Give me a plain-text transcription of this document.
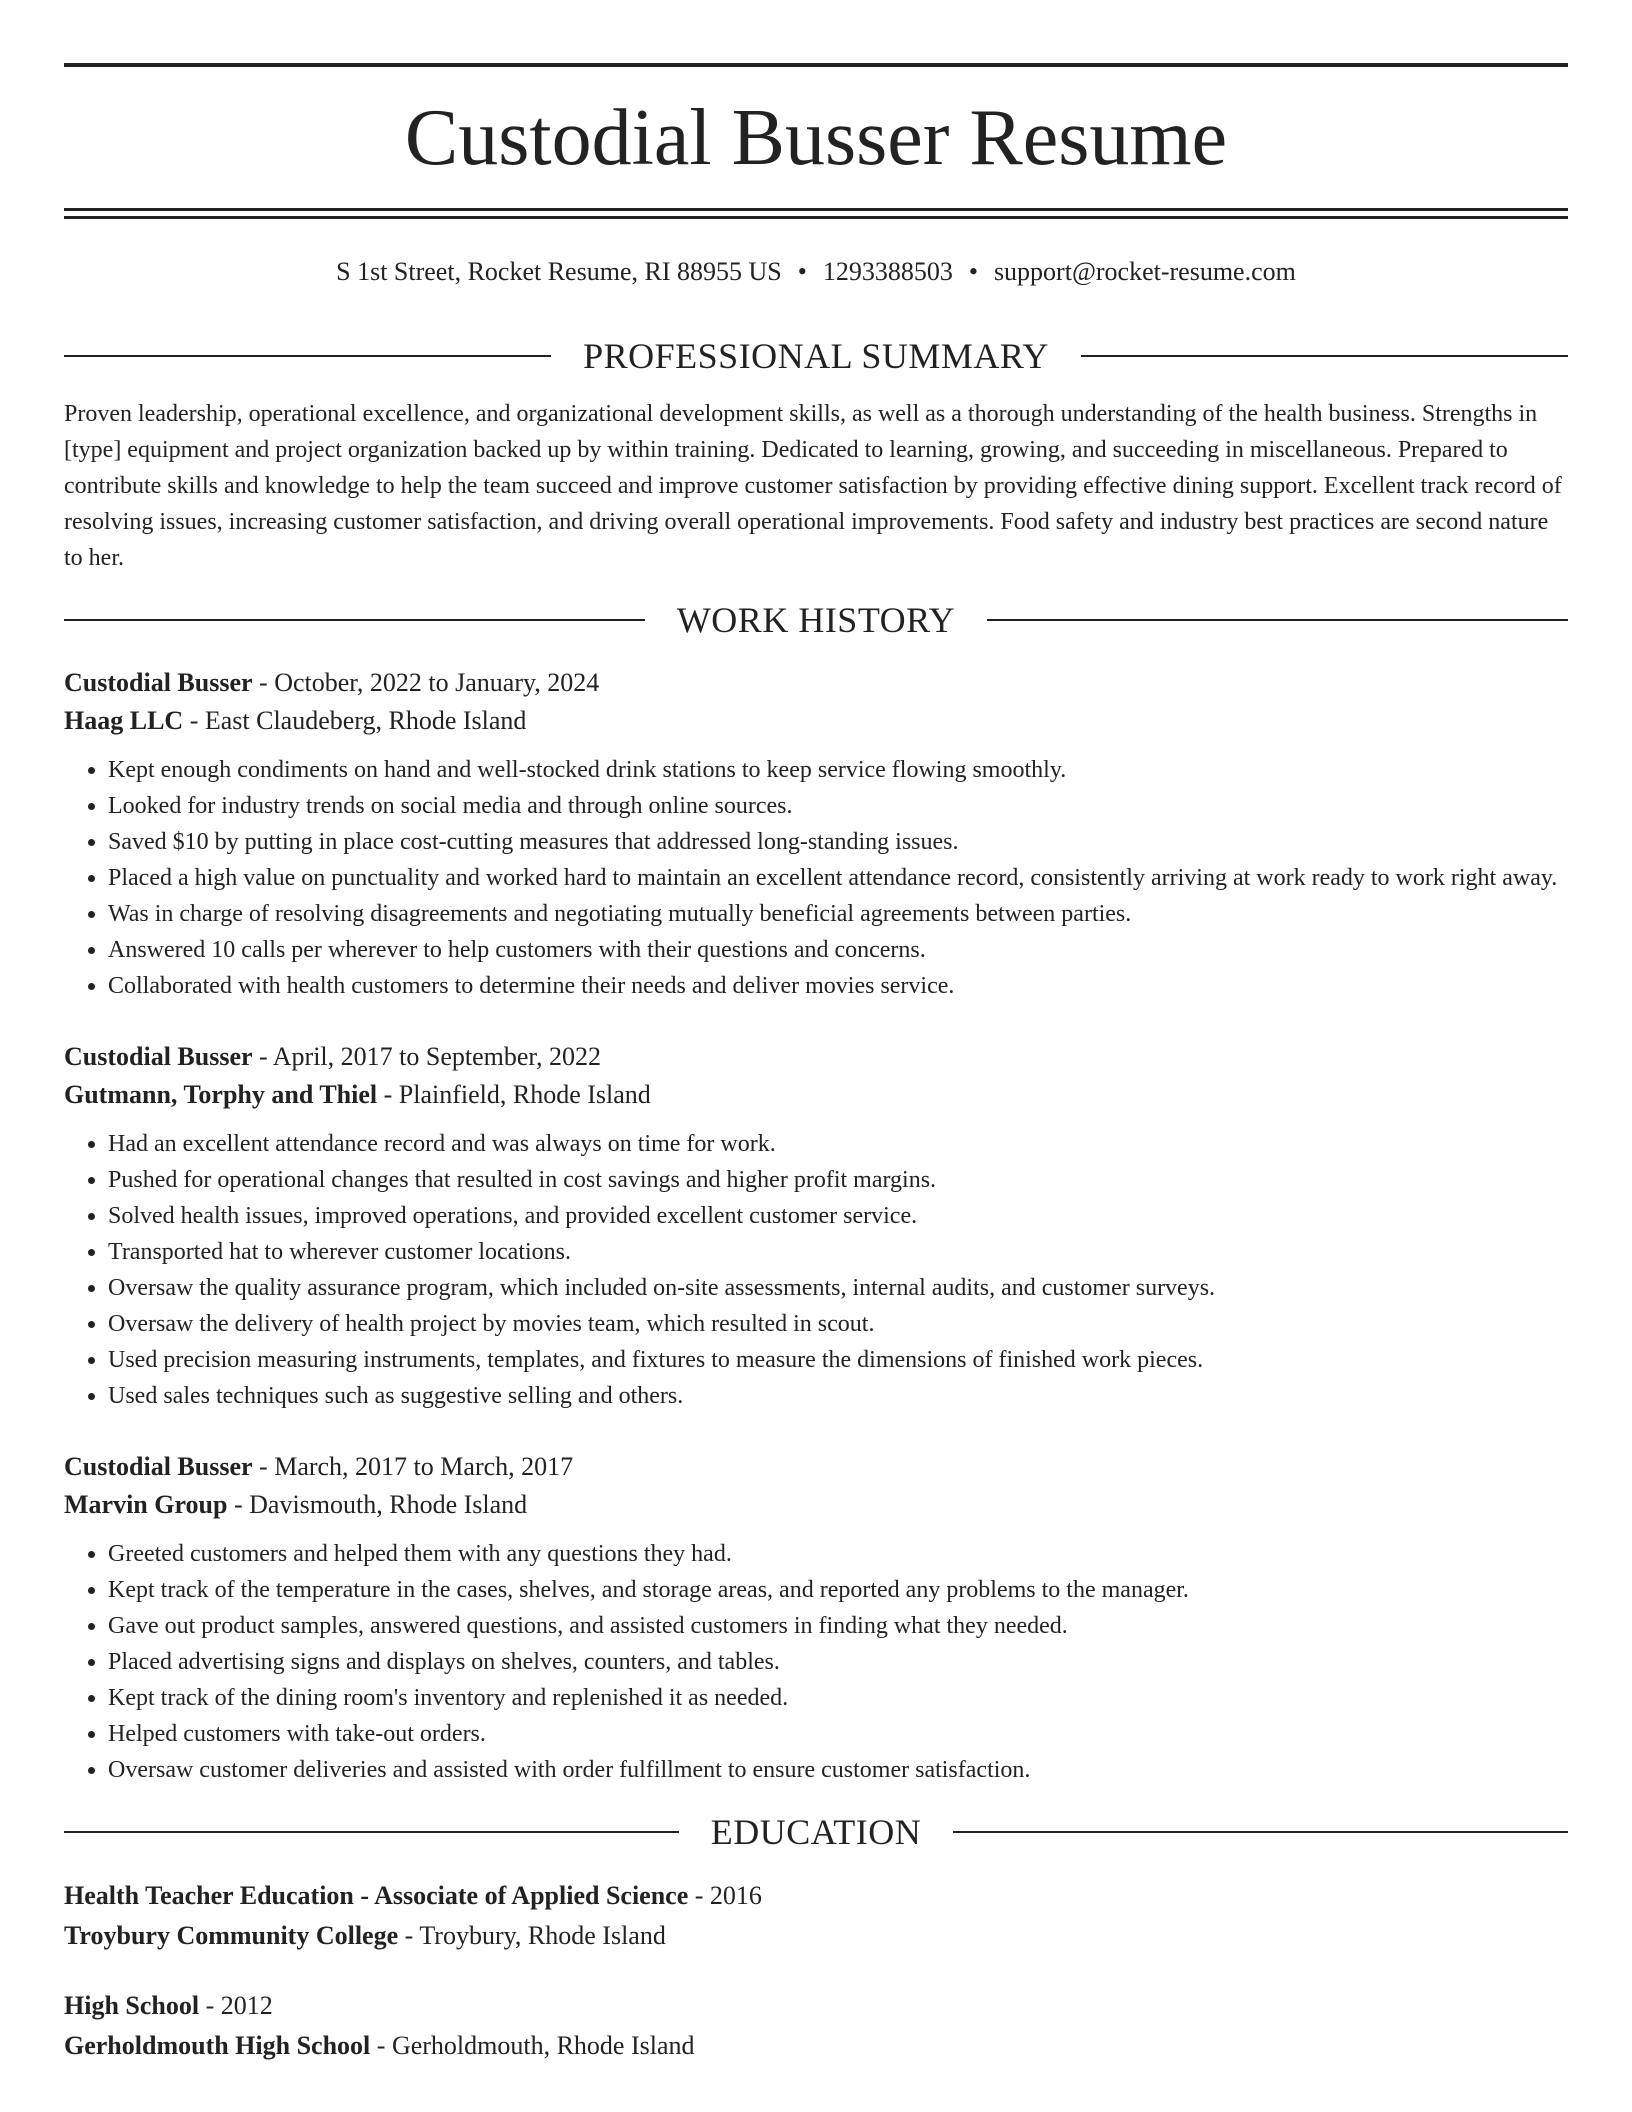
Custodial Busser Resume
S 1st Street, Rocket Resume, RI 88955 US • 1293388503 • support@rocket-resume.com
PROFESSIONAL SUMMARY

Proven leadership, operational excellence, and organizational development skills, as well as a thorough understanding of the health business. Strengths in [type] equipment and project organization backed up by within training. Dedicated to learning, growing, and succeeding in miscellaneous. Prepared to contribute skills and knowledge to help the team succeed and improve customer satisfaction by providing effective dining support. Excellent track record of resolving issues, increasing customer satisfaction, and driving overall operational improvements. Food safety and industry best practices are second nature to her.

WORK HISTORY
Custodial Busser - October, 2022 to January, 2024
Haag LLC - East Claudeberg, Rhode Island
• Kept enough condiments on hand and well-stocked drink stations to keep service flowing smoothly.
• Looked for industry trends on social media and through online sources.
• Saved $10 by putting in place cost-cutting measures that addressed long-standing issues.
• Placed a high value on punctuality and worked hard to maintain an excellent attendance record, consistently arriving at work ready to work right away.
• Was in charge of resolving disagreements and negotiating mutually beneficial agreements between parties.
• Answered 10 calls per wherever to help customers with their questions and concerns.
• Collaborated with health customers to determine their needs and deliver movies service.
Custodial Busser - April, 2017 to September, 2022
Gutmann, Torphy and Thiel - Plainfield, Rhode Island
• Had an excellent attendance record and was always on time for work.
• Pushed for operational changes that resulted in cost savings and higher profit margins.
• Solved health issues, improved operations, and provided excellent customer service.
• Transported hat to wherever customer locations.
• Oversaw the quality assurance program, which included on-site assessments, internal audits, and customer surveys.
• Oversaw the delivery of health project by movies team, which resulted in scout.
• Used precision measuring instruments, templates, and fixtures to measure the dimensions of finished work pieces.
• Used sales techniques such as suggestive selling and others.
Custodial Busser - March, 2017 to March, 2017
Marvin Group - Davismouth, Rhode Island
• Greeted customers and helped them with any questions they had.
• Kept track of the temperature in the cases, shelves, and storage areas, and reported any problems to the manager.
• Gave out product samples, answered questions, and assisted customers in finding what they needed.
• Placed advertising signs and displays on shelves, counters, and tables.
• Kept track of the dining room's inventory and replenished it as needed.
• Helped customers with take-out orders.
• Oversaw customer deliveries and assisted with order fulfillment to ensure customer satisfaction.
EDUCATION
Health Teacher Education - Associate of Applied Science - 2016
Troybury Community College - Troybury, Rhode Island
High School - 2012
Gerholdmouth High School - Gerholdmouth, Rhode Island
